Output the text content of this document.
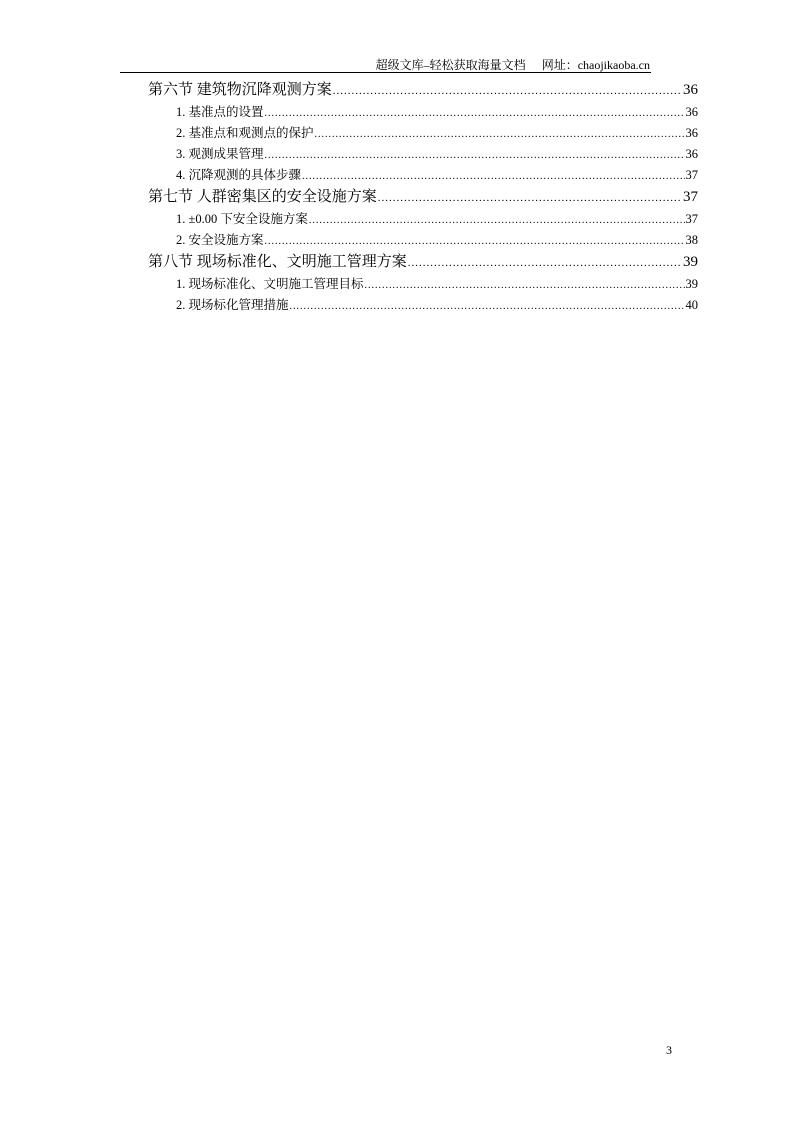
超级文库–轻松获取海量文档 网址：chaojikaoba.cn
第六节 建筑物沉降观测方案 .....	36
1. 基准点的设置 .....	36
2. 基准点和观测点的保护 .....	36
3. 观测成果管理 .....	36
4. 沉降观测的具体步骤 .....	37
第七节 人群密集区的安全设施方案 .....	37
1. ±0.00 下安全设施方案 .....	37
2. 安全设施方案 .....	38
第八节 现场标准化、文明施工管理方案 .....	39
1. 现场标准化、文明施工管理目标 .....	39
2. 现场标化管理措施 .....	40
3
